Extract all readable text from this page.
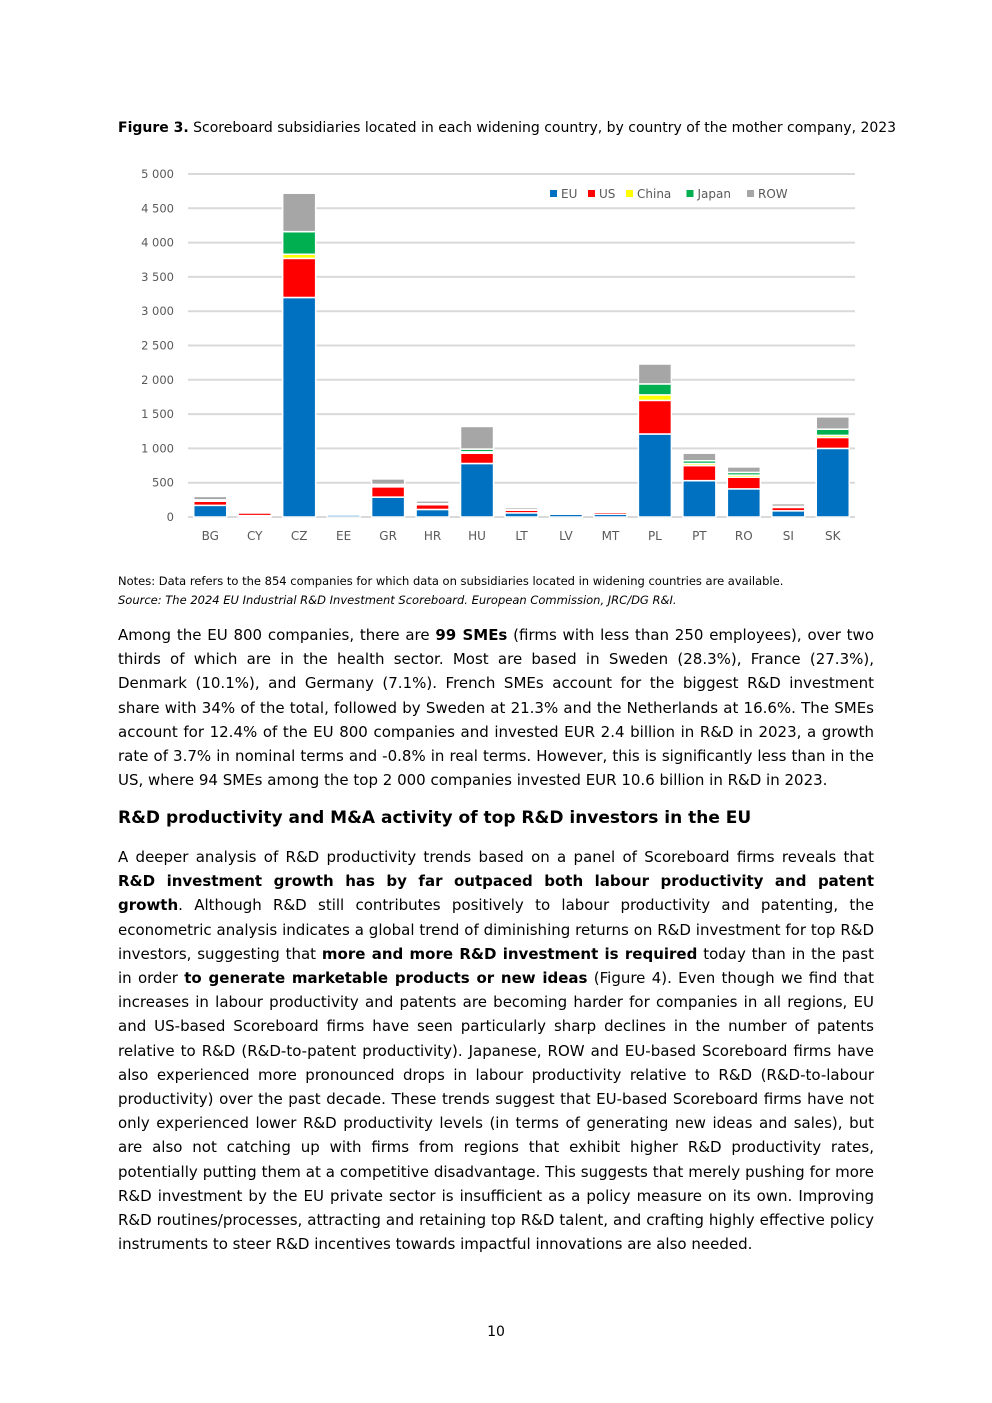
Figure 3. Scoreboard subsidiaries located in each widening country, by country of the mother company, 2023
0
500
1 000
1 500
2 000
2 500
3 000
3 500
4 000
4 500
5 000
BG CY CZ EE GR HR HU LT	LV MT PL	PT RO SI	SK
EU US China Japan ROW
Notes: Data refers to the 854 companies for which data on subsidiaries located in widening countries are available.
Source: The 2024 EU Industrial R&D Investment Scoreboard. European Commission, JRC/DG R&I.

Among the EU 800 companies, there are 99 SMEs (firms with less than 250 employees), over two thirds of which are in the health sector. Most are based in Sweden (28.3%), France (27.3%), Denmark (10.1%), and Germany (7.1%). French SMEs account for the biggest R&D investment share with 34% of the total, followed by Sweden at 21.3% and the Netherlands at 16.6%. The SMEs account for 12.4% of the EU 800 companies and invested EUR 2.4 billion in R&D in 2023, a growth rate of 3.7% in nominal terms and -0.8% in real terms. However, this is significantly less than in the US, where 94 SMEs among the top 2 000 companies invested EUR 10.6 billion in R&D in 2023.

R&D productivity and M&A activity of top R&D investors in the EU

A deeper analysis of R&D productivity trends based on a panel of Scoreboard firms reveals that R&D investment growth has by far outpaced both labour productivity and patent growth. Although R&D still contributes positively to labour productivity and patenting, the econometric analysis indicates a global trend of diminishing returns on R&D investment for top R&D investors, suggesting that more and more R&D investment is required today than in the past in order to generate marketable products or new ideas (Figure 4). Even though we find that increases in labour productivity and patents are becoming harder for companies in all regions, EU and US-based Scoreboard firms have seen particularly sharp declines in the number of patents relative to R&D (R&D-to-patent productivity). Japanese, ROW and EU-based Scoreboard firms have also experienced more pronounced drops in labour productivity relative to R&D (R&D-to-labour productivity) over the past decade. These trends suggest that EU-based Scoreboard firms have not only experienced lower R&D productivity levels (in terms of generating new ideas and sales), but are also not catching up with firms from regions that exhibit higher R&D productivity rates, potentially putting them at a competitive disadvantage. This suggests that merely pushing for more R&D investment by the EU private sector is insufficient as a policy measure on its own. Improving R&D routines/processes, attracting and retaining top R&D talent, and crafting highly effective policy instruments to steer R&D incentives towards impactful innovations are also needed.

10
